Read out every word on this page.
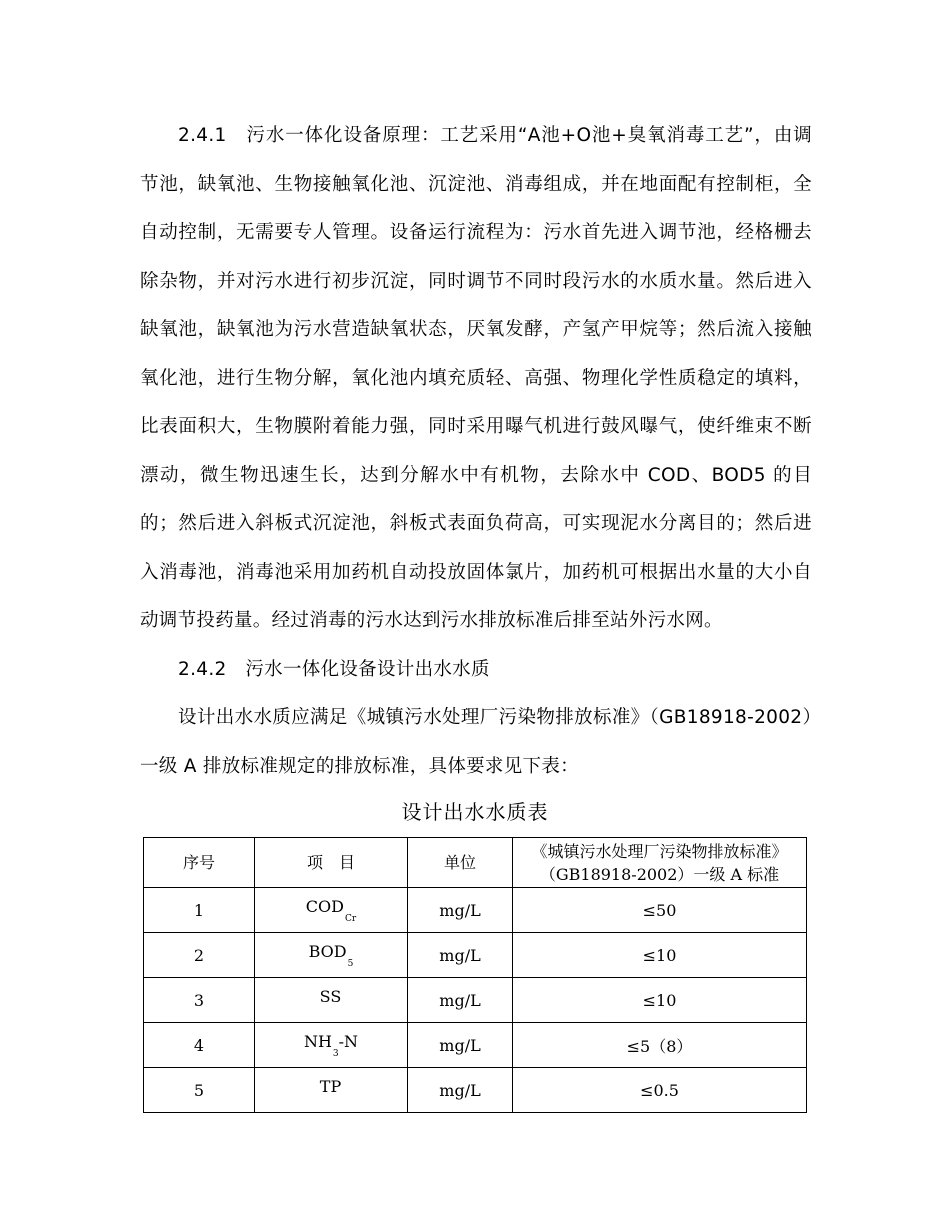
2.4.1　污水一体化设备原理：工艺采用“A池+O池+臭氧消毒工艺”，由调节池，缺氧池、生物接触氧化池、沉淀池、消毒组成，并在地面配有控制柜，全自动控制，无需要专人管理。设备运行流程为：污水首先进入调节池，经格栅去除杂物，并对污水进行初步沉淀，同时调节不同时段污水的水质水量。然后进入缺氧池，缺氧池为污水营造缺氧状态，厌氧发酵，产氢产甲烷等；然后流入接触氧化池，进行生物分解，氧化池内填充质轻、高强、物理化学性质稳定的填料，比表面积大，生物膜附着能力强，同时采用曝气机进行鼓风曝气，使纤维束不断漂动，微生物迅速生长，达到分解水中有机物，去除水中 COD、BOD5 的目的；然后进入斜板式沉淀池，斜板式表面负荷高，可实现泥水分离目的；然后进入消毒池，消毒池采用加药机自动投放固体氯片，加药机可根据出水量的大小自动调节投药量。经过消毒的污水达到污水排放标准后排至站外污水网。

2.4.2　污水一体化设备设计出水水质

设计出水水质应满足《城镇污水处理厂污染物排放标准》（GB18918-2002）一级 A 排放标准规定的排放标准，具体要求见下表：

设计出水水质表
序号	项　目	单位	《城镇污水处理厂污染物排放标准》（GB18918-2002）一级 A 标准
1	$COD_{Cr}$	mg/L	≤50
2	$BOD_5$	mg/L	≤10
3	SS	mg/L	≤10
4	$NH_3-N$	mg/L	≤5（8）
5	TP	mg/L	≤0.5
